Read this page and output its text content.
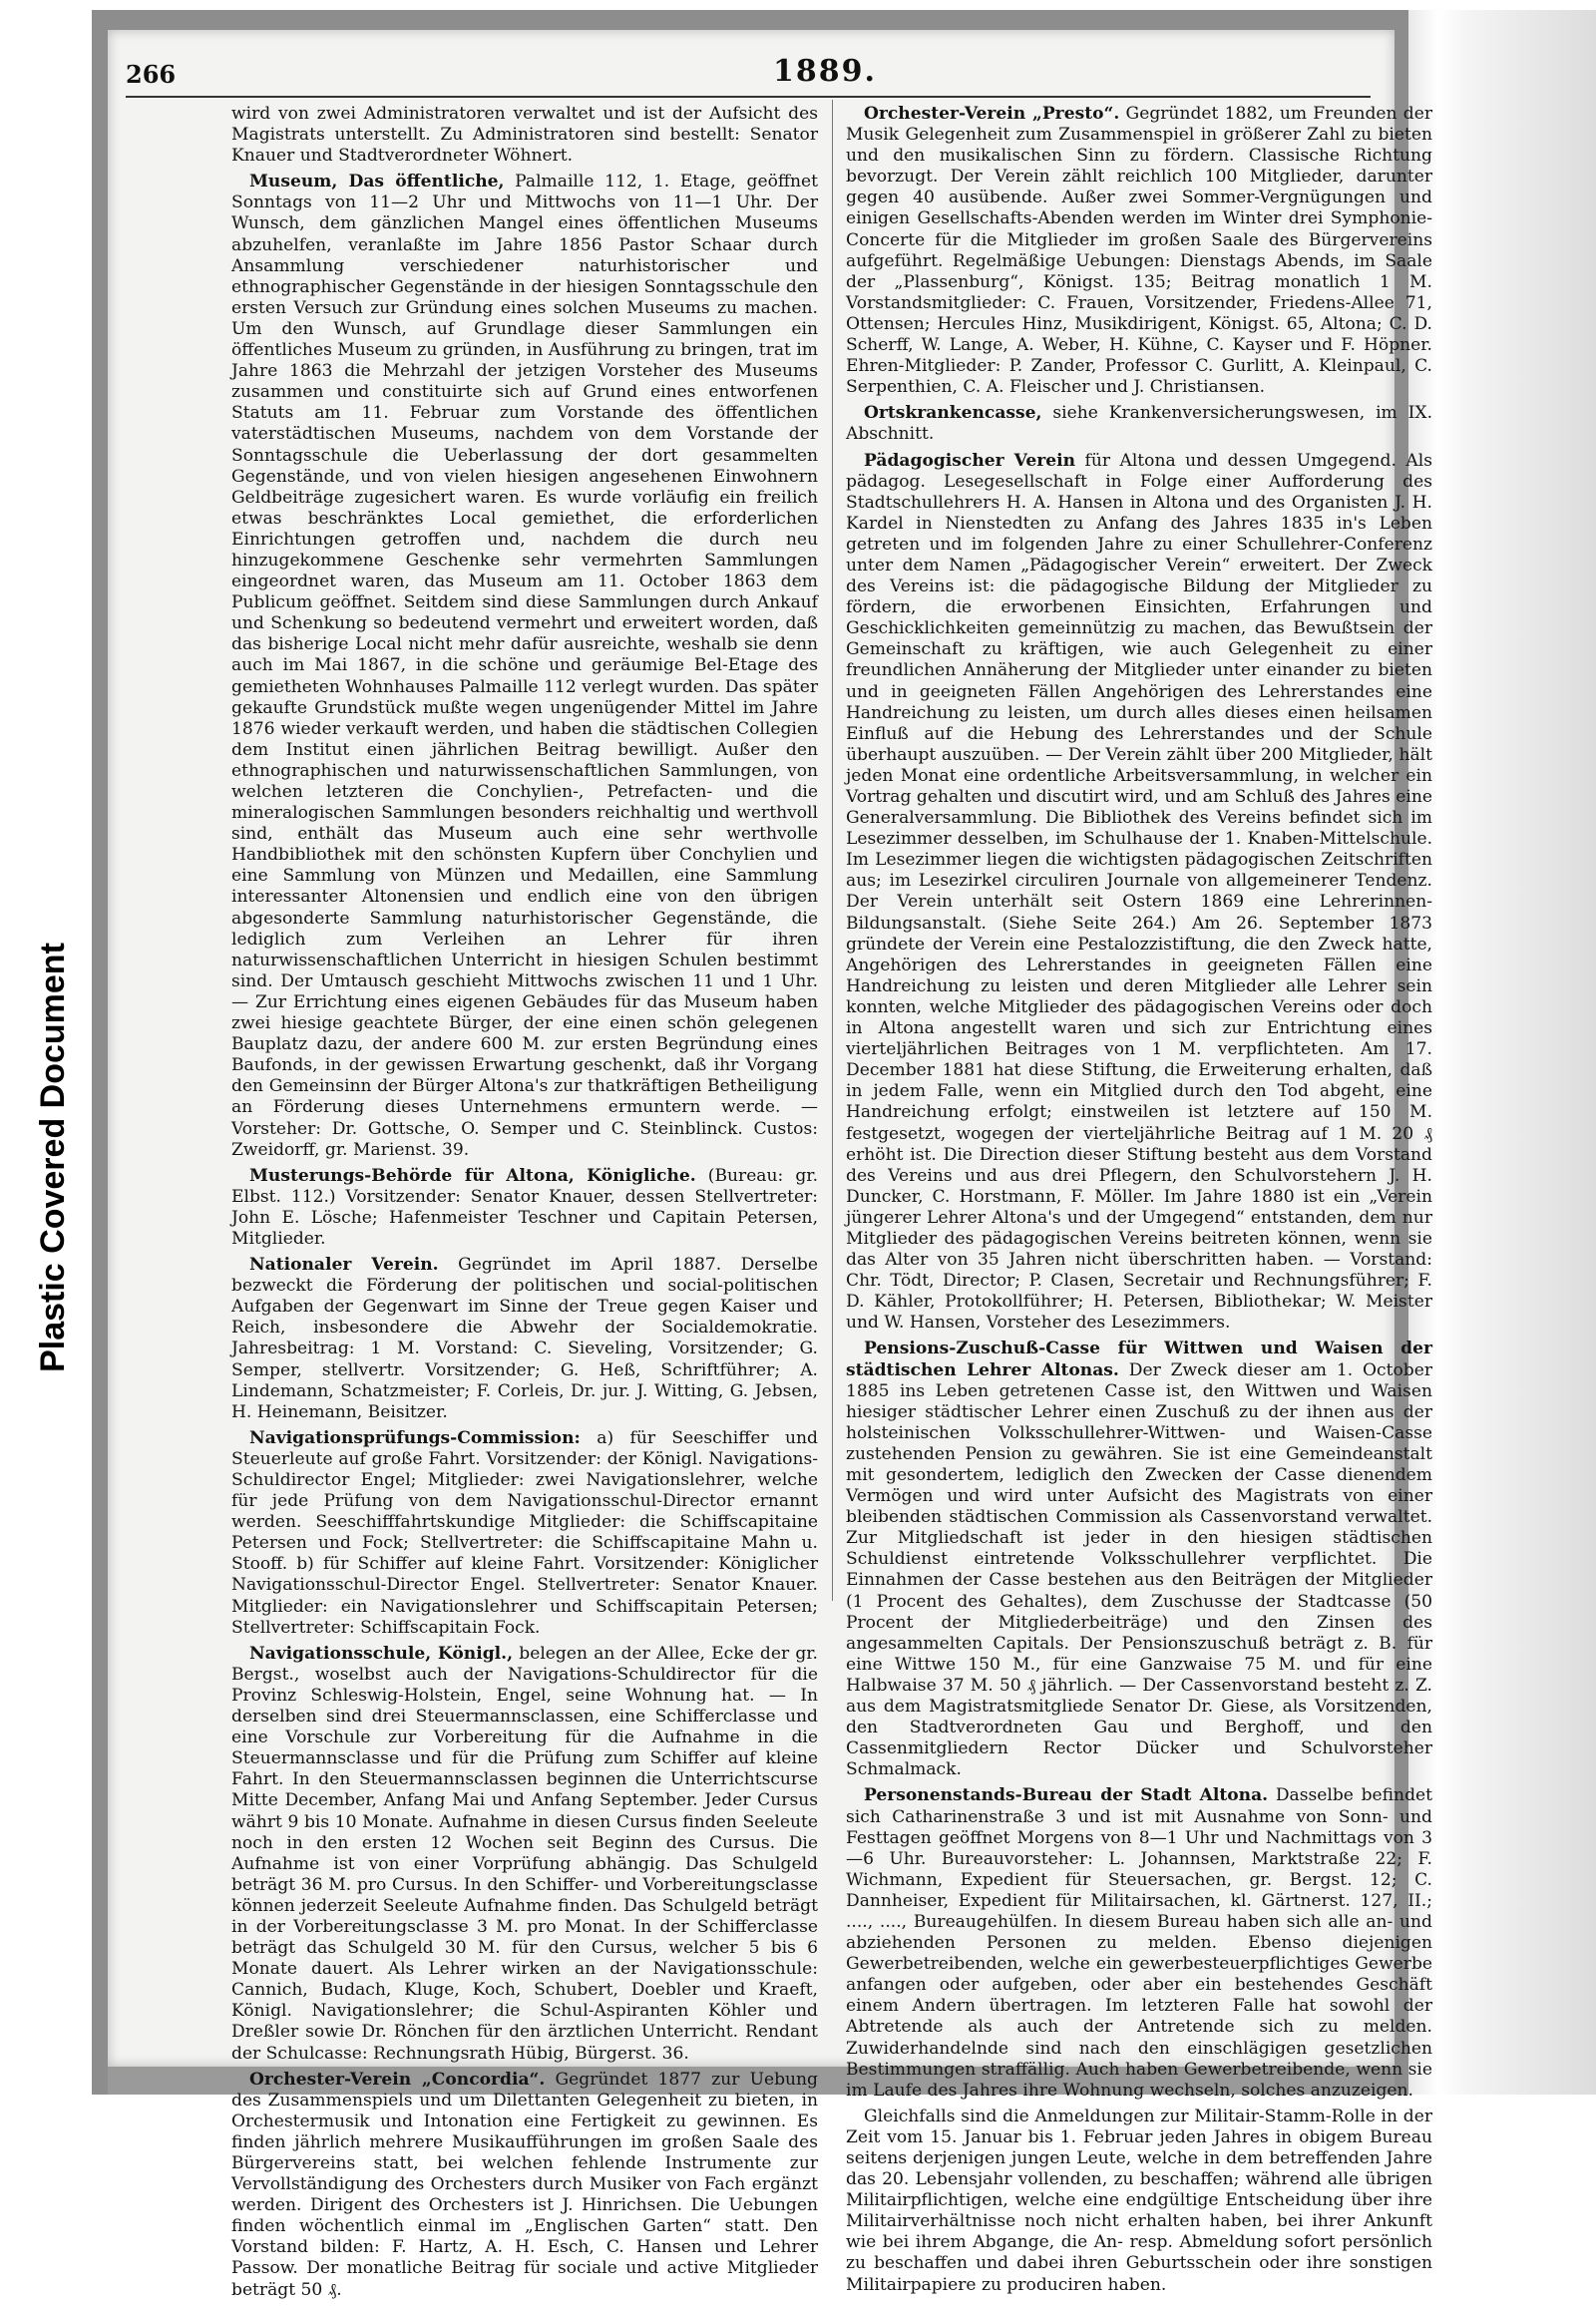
Plastic Covered Document
266	1889.

wird von zwei Administratoren verwaltet und ist der Aufsicht des Magistrats unterstellt. Zu Administratoren sind bestellt: Senator Knauer und Stadtverordneter Wöhnert.

Museum, Das öffentliche, Palmaille 112, 1. Etage, geöffnet Sonntags von 11—2 Uhr und Mittwochs von 11—1 Uhr. Der Wunsch, dem gänzlichen Mangel eines öffentlichen Museums abzuhelfen, veranlaßte im Jahre 1856 Pastor Schaar durch Ansammlung verschiedener naturhistorischer und ethnographischer Gegenstände in der hiesigen Sonntagsschule den ersten Versuch zur Gründung eines solchen Museums zu machen. Um den Wunsch, auf Grundlage dieser Sammlungen ein öffentliches Museum zu gründen, in Ausführung zu bringen, trat im Jahre 1863 die Mehrzahl der jetzigen Vorsteher des Museums zusammen und constituirte sich auf Grund eines entworfenen Statuts am 11. Februar zum Vorstande des öffentlichen vaterstädtischen Museums, nachdem von dem Vorstande der Sonntagsschule die Ueberlassung der dort gesammelten Gegenstände, und von vielen hiesigen angesehenen Einwohnern Geldbeiträge zugesichert waren. Es wurde vorläufig ein freilich etwas beschränktes Local gemiethet, die erforderlichen Einrichtungen getroffen und, nachdem die durch neu hinzugekommene Geschenke sehr vermehrten Sammlungen eingeordnet waren, das Museum am 11. October 1863 dem Publicum geöffnet. Seitdem sind diese Sammlungen durch Ankauf und Schenkung so bedeutend vermehrt und erweitert worden, daß das bisherige Local nicht mehr dafür ausreichte, weshalb sie denn auch im Mai 1867, in die schöne und geräumige Bel-Etage des gemietheten Wohnhauses Palmaille 112 verlegt wurden. Das später gekaufte Grundstück mußte wegen ungenügender Mittel im Jahre 1876 wieder verkauft werden, und haben die städtischen Collegien dem Institut einen jährlichen Beitrag bewilligt. Außer den ethnographischen und naturwissenschaftlichen Sammlungen, von welchen letzteren die Conchylien-, Petrefacten- und die mineralogischen Sammlungen besonders reichhaltig und werthvoll sind, enthält das Museum auch eine sehr werthvolle Handbibliothek mit den schönsten Kupfern über Conchylien und eine Sammlung von Münzen und Medaillen, eine Sammlung interessanter Altonensien und endlich eine von den übrigen abgesonderte Sammlung naturhistorischer Gegenstände, die lediglich zum Verleihen an Lehrer für ihren naturwissenschaftlichen Unterricht in hiesigen Schulen bestimmt sind. Der Umtausch geschieht Mittwochs zwischen 11 und 1 Uhr. — Zur Errichtung eines eigenen Gebäudes für das Museum haben zwei hiesige geachtete Bürger, der eine einen schön gelegenen Bauplatz dazu, der andere 600 M. zur ersten Begründung eines Baufonds, in der gewissen Erwartung geschenkt, daß ihr Vorgang den Gemeinsinn der Bürger Altona's zur thatkräftigen Betheiligung an Förderung dieses Unternehmens ermuntern werde. — Vorsteher: Dr. Gottsche, O. Semper und C. Steinblinck. Custos: Zweidorff, gr. Marienst. 39.

Musterungs-Behörde für Altona, Königliche. (Bureau: gr. Elbst. 112.) Vorsitzender: Senator Knauer, dessen Stellvertreter: John E. Lösche; Hafenmeister Teschner und Capitain Petersen, Mitglieder.

Nationaler Verein. Gegründet im April 1887. Derselbe bezweckt die Förderung der politischen und social-politischen Aufgaben der Gegenwart im Sinne der Treue gegen Kaiser und Reich, insbesondere die Abwehr der Socialdemokratie. Jahresbeitrag: 1 M. Vorstand: C. Sieveling, Vorsitzender; G. Semper, stellvertr. Vorsitzender; G. Heß, Schriftführer; A. Lindemann, Schatzmeister; F. Corleis, Dr. jur. J. Witting, G. Jebsen, H. Heinemann, Beisitzer.

Navigationsprüfungs-Commission: a) für Seeschiffer und Steuerleute auf große Fahrt. Vorsitzender: der Königl. Navigations-Schuldirector Engel; Mitglieder: zwei Navigationslehrer, welche für jede Prüfung von dem Navigationsschul-Director ernannt werden. Seeschifffahrtskundige Mitglieder: die Schiffscapitaine Petersen und Fock; Stellvertreter: die Schiffscapitaine Mahn u. Stooff. b) für Schiffer auf kleine Fahrt. Vorsitzender: Königlicher Navigationsschul-Director Engel. Stellvertreter: Senator Knauer. Mitglieder: ein Navigationslehrer und Schiffscapitain Petersen; Stellvertreter: Schiffscapitain Fock.

Navigationsschule, Königl., belegen an der Allee, Ecke der gr. Bergst., woselbst auch der Navigations-Schuldirector für die Provinz Schleswig-Holstein, Engel, seine Wohnung hat. — In derselben sind drei Steuermannsclassen, eine Schifferclasse und eine Vorschule zur Vorbereitung für die Aufnahme in die Steuermannsclasse und für die Prüfung zum Schiffer auf kleine Fahrt. In den Steuermannsclassen beginnen die Unterrichtscurse Mitte December, Anfang Mai und Anfang September. Jeder Cursus währt 9 bis 10 Monate. Aufnahme in diesen Cursus finden Seeleute noch in den ersten 12 Wochen seit Beginn des Cursus. Die Aufnahme ist von einer Vorprüfung abhängig. Das Schulgeld beträgt 36 M. pro Cursus. In den Schiffer- und Vorbereitungsclasse können jederzeit Seeleute Aufnahme finden. Das Schulgeld beträgt in der Vorbereitungsclasse 3 M. pro Monat. In der Schifferclasse beträgt das Schulgeld 30 M. für den Cursus, welcher 5 bis 6 Monate dauert. Als Lehrer wirken an der Navigationsschule: Cannich, Budach, Kluge, Koch, Schubert, Doebler und Kraeft, Königl. Navigationslehrer; die Schul-Aspiranten Köhler und Dreßler sowie Dr. Rönchen für den ärztlichen Unterricht. Rendant der Schulcasse: Rechnungsrath Hübig, Bürgerst. 36.

Orchester-Verein „Concordia“. Gegründet 1877 zur Uebung des Zusammenspiels und um Dilettanten Gelegenheit zu bieten, in Orchestermusik und Intonation eine Fertigkeit zu gewinnen. Es finden jährlich mehrere Musikaufführungen im großen Saale des Bürgervereins statt, bei welchen fehlende Instrumente zur Vervollständigung des Orchesters durch Musiker von Fach ergänzt werden. Dirigent des Orchesters ist J. Hinrichsen. Die Uebungen finden wöchentlich einmal im „Englischen Garten“ statt. Den Vorstand bilden: F. Hartz, A. H. Esch, C. Hansen und Lehrer Passow. Der monatliche Beitrag für sociale und active Mitglieder beträgt 50 ₰.

Orchester-Verein „Presto“. Gegründet 1882, um Freunden der Musik Gelegenheit zum Zusammenspiel in größerer Zahl zu bieten und den musikalischen Sinn zu fördern. Classische Richtung bevorzugt. Der Verein zählt reichlich 100 Mitglieder, darunter gegen 40 ausübende. Außer zwei Sommer-Vergnügungen und einigen Gesellschafts-Abenden werden im Winter drei Symphonie-Concerte für die Mitglieder im großen Saale des Bürgervereins aufgeführt. Regelmäßige Uebungen: Dienstags Abends, im Saale der „Plassenburg“, Königst. 135; Beitrag monatlich 1 M. Vorstandsmitglieder: C. Frauen, Vorsitzender, Friedens-Allee 71, Ottensen; Hercules Hinz, Musikdirigent, Königst. 65, Altona; C. D. Scherff, W. Lange, A. Weber, H. Kühne, C. Kayser und F. Höpner. Ehren-Mitglieder: P. Zander, Professor C. Gurlitt, A. Kleinpaul, C. Serpenthien, C. A. Fleischer und J. Christiansen.

Ortskrankencasse, siehe Krankenversicherungswesen, im IX. Abschnitt.

Pädagogischer Verein für Altona und dessen Umgegend. Als pädagog. Lesegesellschaft in Folge einer Aufforderung des Stadtschullehrers H. A. Hansen in Altona und des Organisten J. H. Kardel in Nienstedten zu Anfang des Jahres 1835 in's Leben getreten und im folgenden Jahre zu einer Schullehrer-Conferenz unter dem Namen „Pädagogischer Verein“ erweitert. Der Zweck des Vereins ist: die pädagogische Bildung der Mitglieder zu fördern, die erworbenen Einsichten, Erfahrungen und Geschicklichkeiten gemeinnützig zu machen, das Bewußtsein der Gemeinschaft zu kräftigen, wie auch Gelegenheit zu einer freundlichen Annäherung der Mitglieder unter einander zu bieten und in geeigneten Fällen Angehörigen des Lehrerstandes eine Handreichung zu leisten, um durch alles dieses einen heilsamen Einfluß auf die Hebung des Lehrerstandes und der Schule überhaupt auszuüben. — Der Verein zählt über 200 Mitglieder, hält jeden Monat eine ordentliche Arbeitsversammlung, in welcher ein Vortrag gehalten und discutirt wird, und am Schluß des Jahres eine Generalversammlung. Die Bibliothek des Vereins befindet sich im Lesezimmer desselben, im Schulhause der 1. Knaben-Mittelschule. Im Lesezimmer liegen die wichtigsten pädagogischen Zeitschriften aus; im Lesezirkel circuliren Journale von allgemeinerer Tendenz. Der Verein unterhält seit Ostern 1869 eine Lehrerinnen-Bildungsanstalt. (Siehe Seite 264.) Am 26. September 1873 gründete der Verein eine Pestalozzistiftung, die den Zweck hatte, Angehörigen des Lehrerstandes in geeigneten Fällen eine Handreichung zu leisten und deren Mitglieder alle Lehrer sein konnten, welche Mitglieder des pädagogischen Vereins oder doch in Altona angestellt waren und sich zur Entrichtung eines vierteljährlichen Beitrages von 1 M. verpflichteten. Am 17. December 1881 hat diese Stiftung, die Erweiterung erhalten, daß in jedem Falle, wenn ein Mitglied durch den Tod abgeht, eine Handreichung erfolgt; einstweilen ist letztere auf 150 M. festgesetzt, wogegen der vierteljährliche Beitrag auf 1 M. 20 ₰ erhöht ist. Die Direction dieser Stiftung besteht aus dem Vorstand des Vereins und aus drei Pflegern, den Schulvorstehern J. H. Duncker, C. Horstmann, F. Möller. Im Jahre 1880 ist ein „Verein jüngerer Lehrer Altona's und der Umgegend“ entstanden, dem nur Mitglieder des pädagogischen Vereins beitreten können, wenn sie das Alter von 35 Jahren nicht überschritten haben. — Vorstand: Chr. Tödt, Director; P. Clasen, Secretair und Rechnungsführer; F. D. Kähler, Protokollführer; H. Petersen, Bibliothekar; W. Meister und W. Hansen, Vorsteher des Lesezimmers.

Pensions-Zuschuß-Casse für Wittwen und Waisen der städtischen Lehrer Altonas. Der Zweck dieser am 1. October 1885 ins Leben getretenen Casse ist, den Wittwen und Waisen hiesiger städtischer Lehrer einen Zuschuß zu der ihnen aus der holsteinischen Volksschullehrer-Wittwen- und Waisen-Casse zustehenden Pension zu gewähren. Sie ist eine Gemeindeanstalt mit gesondertem, lediglich den Zwecken der Casse dienendem Vermögen und wird unter Aufsicht des Magistrats von einer bleibenden städtischen Commission als Cassenvorstand verwaltet. Zur Mitgliedschaft ist jeder in den hiesigen städtischen Schuldienst eintretende Volksschullehrer verpflichtet. Die Einnahmen der Casse bestehen aus den Beiträgen der Mitglieder (1 Procent des Gehaltes), dem Zuschusse der Stadtcasse (50 Procent der Mitgliederbeiträge) und den Zinsen des angesammelten Capitals. Der Pensionszuschuß beträgt z. B. für eine Wittwe 150 M., für eine Ganzwaise 75 M. und für eine Halbwaise 37 M. 50 ₰ jährlich. — Der Cassenvorstand besteht z. Z. aus dem Magistratsmitgliede Senator Dr. Giese, als Vorsitzenden, den Stadtverordneten Gau und Berghoff, und den Cassenmitgliedern Rector Dücker und Schulvorsteher Schmalmack.

Personenstands-Bureau der Stadt Altona. Dasselbe befindet sich Catharinenstraße 3 und ist mit Ausnahme von Sonn- und Festtagen geöffnet Morgens von 8—1 Uhr und Nachmittags von 3—6 Uhr. Bureauvorsteher: L. Johannsen, Marktstraße 22; F. Wichmann, Expedient für Steuersachen, gr. Bergst. 12; C. Dannheiser, Expedient für Militairsachen, kl. Gärtnerst. 127, II.; ...., ...., Bureaugehülfen. In diesem Bureau haben sich alle an- und abziehenden Personen zu melden. Ebenso diejenigen Gewerbetreibenden, welche ein gewerbesteuerpflichtiges Gewerbe anfangen oder aufgeben, oder aber ein bestehendes Geschäft einem Andern übertragen. Im letzteren Falle hat sowohl der Abtretende als auch der Antretende sich zu melden. Zuwiderhandelnde sind nach den einschlägigen gesetzlichen Bestimmungen straffällig. Auch haben Gewerbetreibende, wenn sie im Laufe des Jahres ihre Wohnung wechseln, solches anzuzeigen.

Gleichfalls sind die Anmeldungen zur Militair-Stamm-Rolle in der Zeit vom 15. Januar bis 1. Februar jeden Jahres in obigem Bureau seitens derjenigen jungen Leute, welche in dem betreffenden Jahre das 20. Lebensjahr vollenden, zu beschaffen; während alle übrigen Militairpflichtigen, welche eine endgültige Entscheidung über ihre Militairverhältnisse noch nicht erhalten haben, bei ihrer Ankunft wie bei ihrem Abgange, die An- resp. Abmeldung sofort persönlich zu beschaffen und dabei ihren Geburtsschein oder ihre sonstigen Militairpapiere zu produciren haben.
